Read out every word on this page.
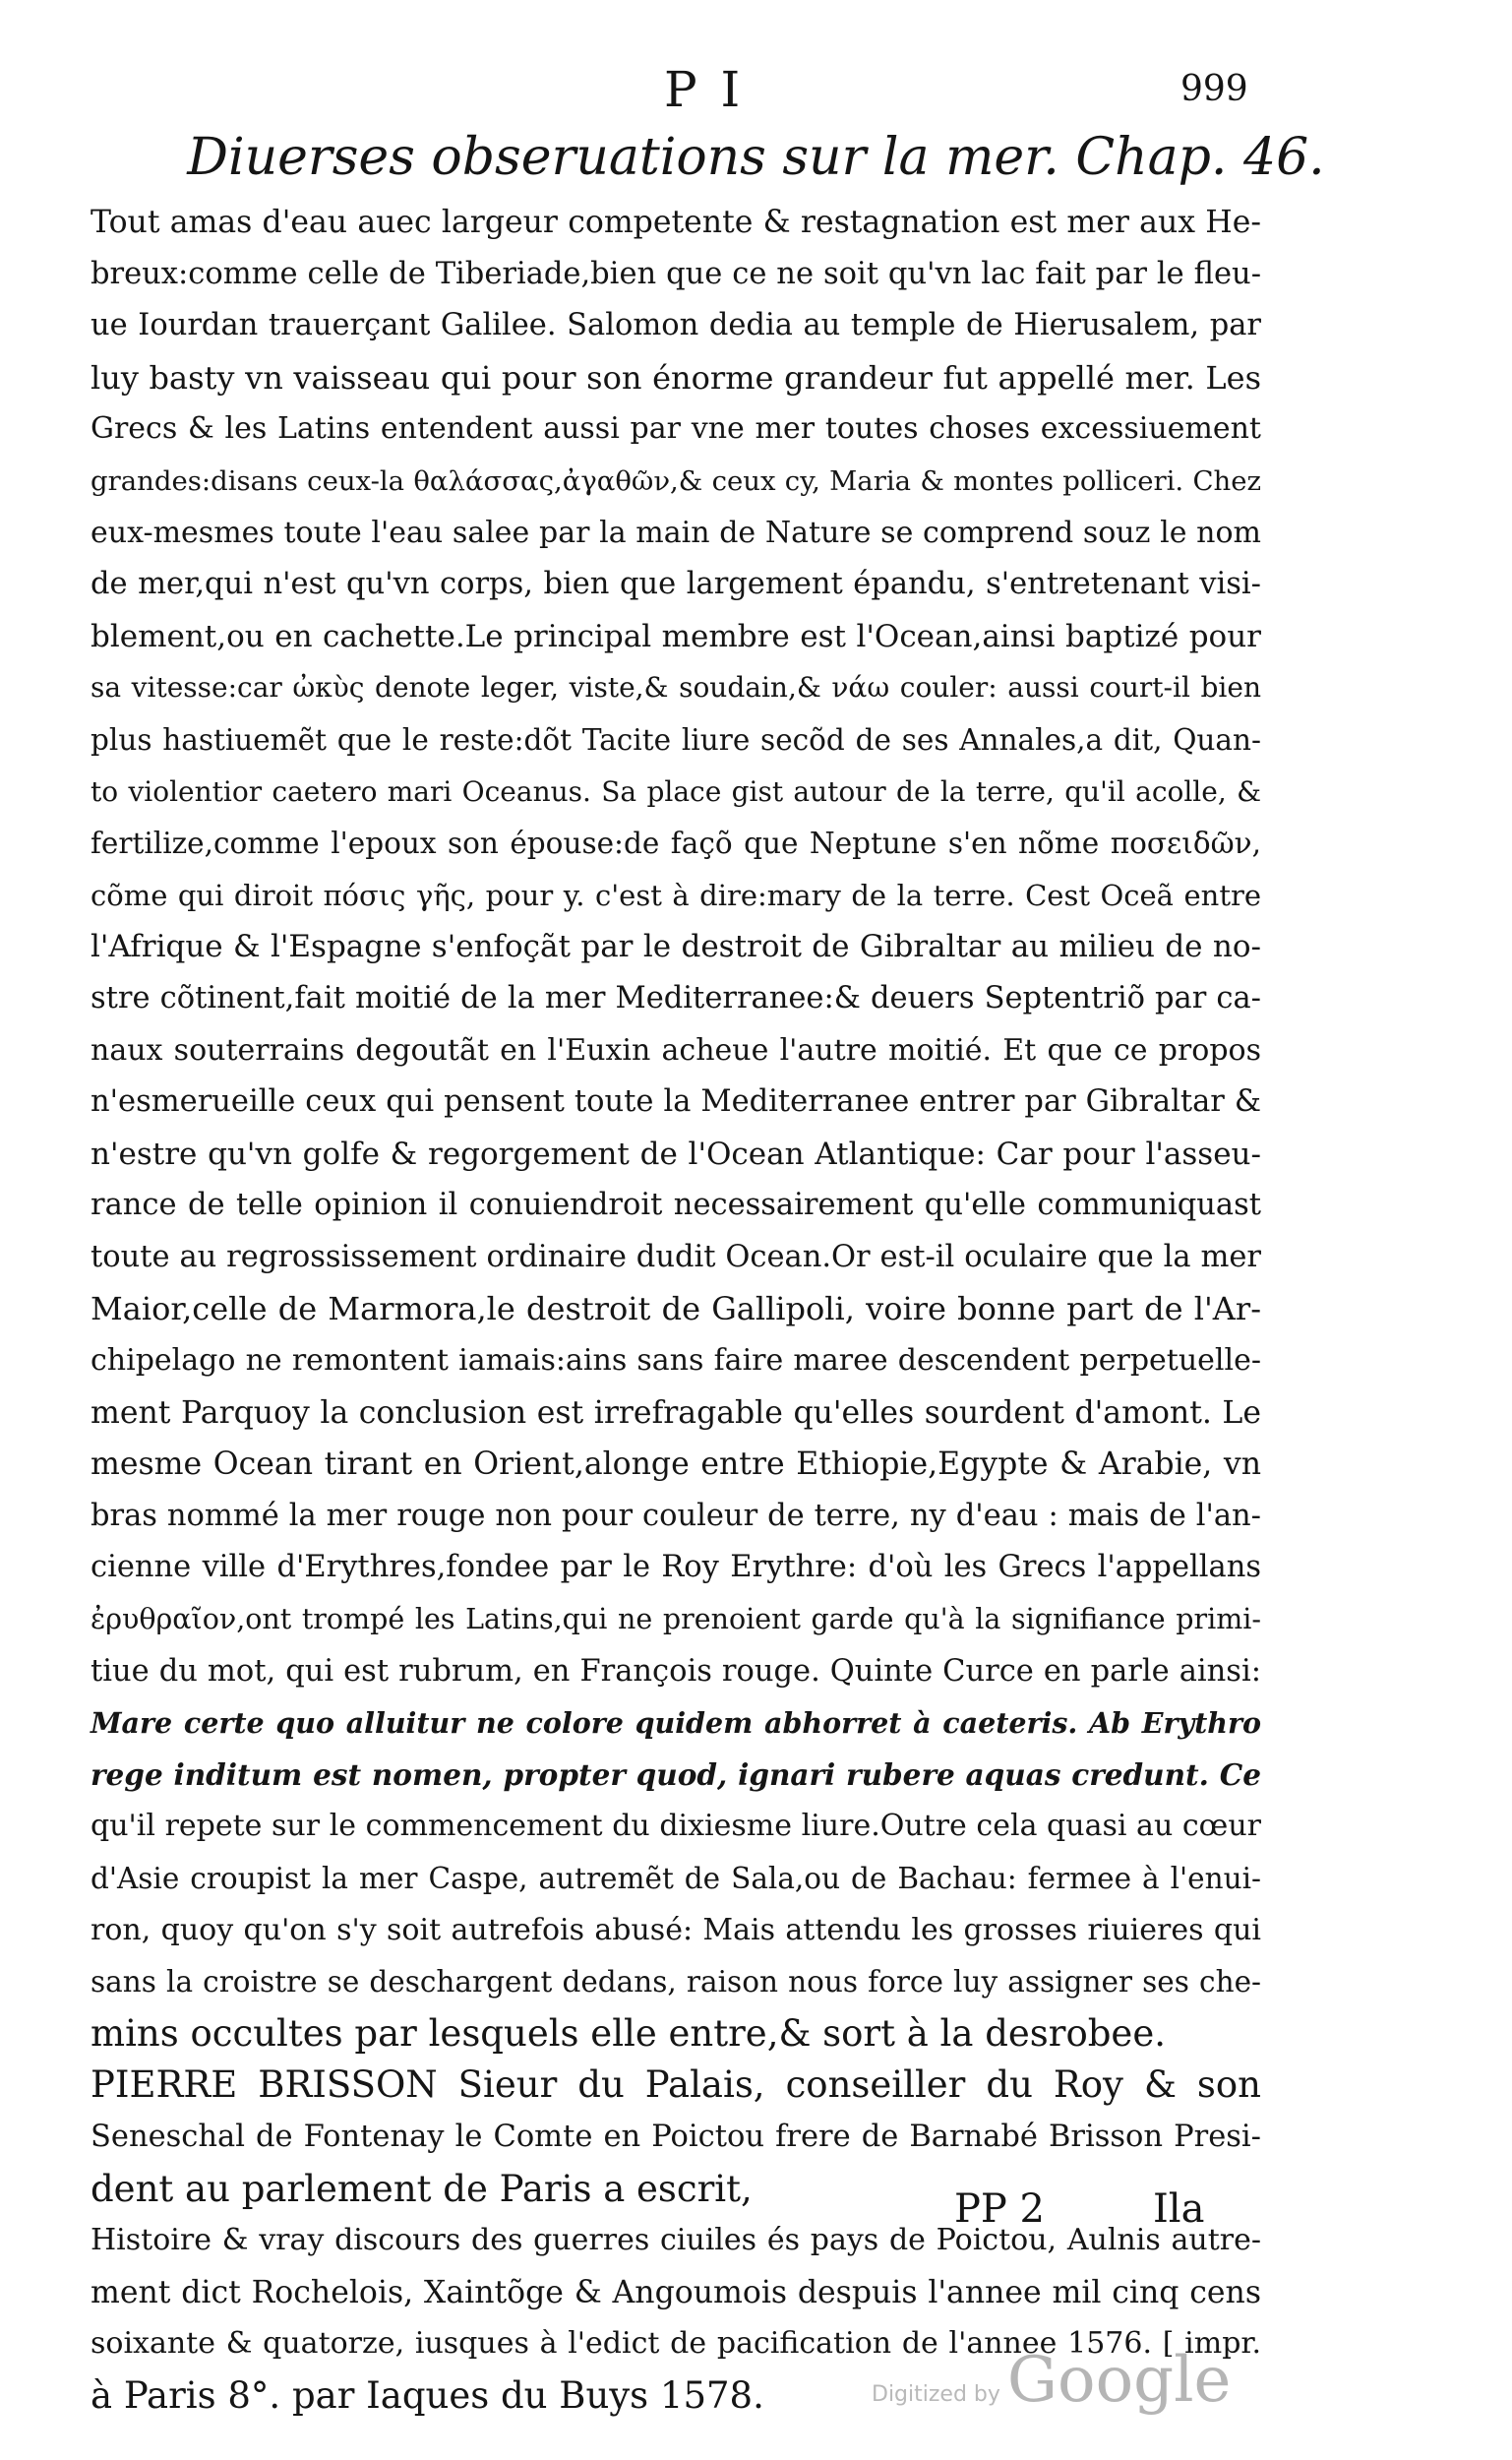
P I	999
Diuerses obseruations sur la mer. Chap. 46.
Tout amas d'eau auec largeur competente & restagnation est mer aux He-
breux:comme celle de Tiberiade,bien que ce ne soit qu'vn lac fait par le fleu-
ue Iourdan trauerçant Galilee. Salomon dedia au temple de Hierusalem, par
luy basty vn vaisseau qui pour son énorme grandeur fut appellé mer. Les
Grecs & les Latins entendent aussi par vne mer toutes choses excessiuement
grandes:disans ceux-la θαλάσσας,ἀγαθῶν,& ceux cy, Maria & montes polliceri. Chez
eux-mesmes toute l'eau salee par la main de Nature se comprend souz le nom
de mer,qui n'est qu'vn corps, bien que largement épandu, s'entretenant visi-
blement,ou en cachette.Le principal membre est l'Ocean,ainsi baptizé pour
sa vitesse:car ὠκὺς denote leger, viste,& soudain,& νάω couler: aussi court-il bien
plus hastiuemẽt que le reste:dõt Tacite liure secõd de ses Annales,a dit, Quan-
to violentior caetero mari Oceanus. Sa place gist autour de la terre, qu'il acolle, &
fertilize,comme l'epoux son épouse:de façõ que Neptune s'en nõme ποσειδῶν,
cõme qui diroit πόσις γῆς, pour y. c'est à dire:mary de la terre. Cest Oceã entre
l'Afrique & l'Espagne s'enfoçãt par le destroit de Gibraltar au milieu de no-
stre cõtinent,fait moitié de la mer Mediterranee:& deuers Septentriõ par ca-
naux souterrains degoutãt en l'Euxin acheue l'autre moitié. Et que ce propos
n'esmerueille ceux qui pensent toute la Mediterranee entrer par Gibraltar &
n'estre qu'vn golfe & regorgement de l'Ocean Atlantique: Car pour l'asseu-
rance de telle opinion il conuiendroit necessairement qu'elle communiquast
toute au regrossissement ordinaire dudit Ocean.Or est-il oculaire que la mer
Maior,celle de Marmora,le destroit de Gallipoli, voire bonne part de l'Ar-
chipelago ne remontent iamais:ains sans faire maree descendent perpetuelle-
ment Parquoy la conclusion est irrefragable qu'elles sourdent d'amont. Le
mesme Ocean tirant en Orient,alonge entre Ethiopie,Egypte & Arabie, vn
bras nommé la mer rouge non pour couleur de terre, ny d'eau : mais de l'an-
cienne ville d'Erythres,fondee par le Roy Erythre: d'où les Grecs l'appellans
ἐρυθραῖον,ont trompé les Latins,qui ne prenoient garde qu'à la signifiance primi-
tiue du mot, qui est rubrum, en François rouge. Quinte Curce en parle ainsi:
Mare certe quo alluitur ne colore quidem abhorret à caeteris. Ab Erythro
rege inditum est nomen, propter quod, ignari rubere aquas credunt. Ce
qu'il repete sur le commencement du dixiesme liure.Outre cela quasi au cœur
d'Asie croupist la mer Caspe, autremẽt de Sala,ou de Bachau: fermee à l'enui-
ron, quoy qu'on s'y soit autrefois abusé: Mais attendu les grosses riuieres qui
sans la croistre se deschargent dedans, raison nous force luy assigner ses che-
mins occultes par lesquels elle entre,& sort à la desrobee.
PIERRE BRISSON Sieur du Palais, conseiller du Roy & son
Seneschal de Fontenay le Comte en Poictou frere de Barnabé Brisson Presi-
dent au parlement de Paris a escrit,
Histoire & vray discours des guerres ciuiles és pays de Poictou, Aulnis autre-
ment dict Rochelois, Xaintõge & Angoumois despuis l'annee mil cinq cens
soixante & quatorze, iusques à l'edict de pacification de l'annee 1576. [ impr.
à Paris 8°. par Iaques du Buys 1578.
PP 2	Ila
Digitized by Google
